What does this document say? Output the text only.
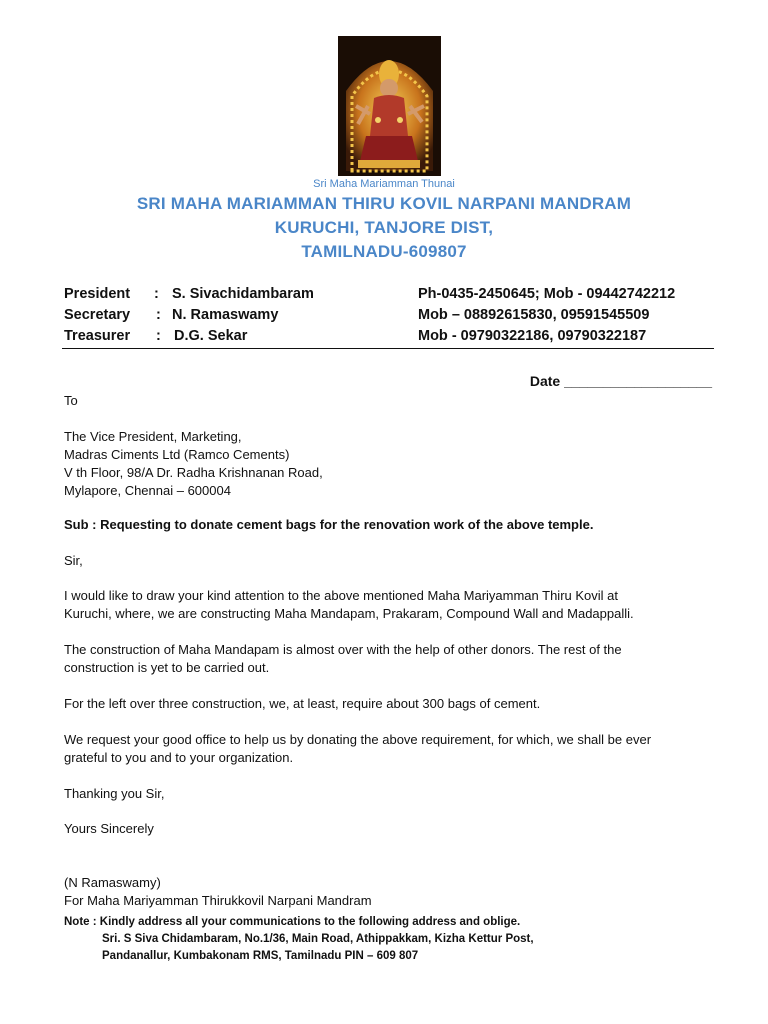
Sri Maha Mariamman Thunai
SRI MAHA MARIAMMAN THIRU KOVIL NARPANI MANDRAM
KURUCHI, TANJORE DIST,
TAMILNADU-609807
President : S. Sivachidambaram	Ph-0435-2450645; Mob - 09442742212
Secretary : N. Ramaswamy	Mob – 08892615830, 09591545509
Treasurer : D.G. Sekar	Mob - 09790322186, 09790322187
Date ___________________
To
The Vice President, Marketing,
Madras Ciments Ltd (Ramco Cements)
V th Floor, 98/A Dr. Radha Krishnanan Road,
Mylapore, Chennai – 600004
Sub : Requesting to donate cement bags for the renovation work of the above temple.
Sir,
I would like to draw your kind attention to the above mentioned Maha Mariyamman Thiru Kovil at
Kuruchi, where, we are constructing Maha Mandapam, Prakaram, Compound Wall and Madappalli.
The construction of Maha Mandapam is almost over with the help of other donors. The rest of the
construction is yet to be carried out.
For the left over three construction, we, at least, require about 300 bags of cement.
We request your good office to help us by donating the above requirement, for which, we shall be ever
grateful to you and to your organization.
Thanking you Sir,
Yours Sincerely
(N Ramaswamy)
For Maha Mariyamman Thirukkovil Narpani Mandram
Note : Kindly address all your communications to the following address and oblige.
Sri. S Siva Chidambaram, No.1/36, Main Road, Athippakkam, Kizha Kettur Post,
Pandanallur, Kumbakonam RMS, Tamilnadu PIN – 609 807
